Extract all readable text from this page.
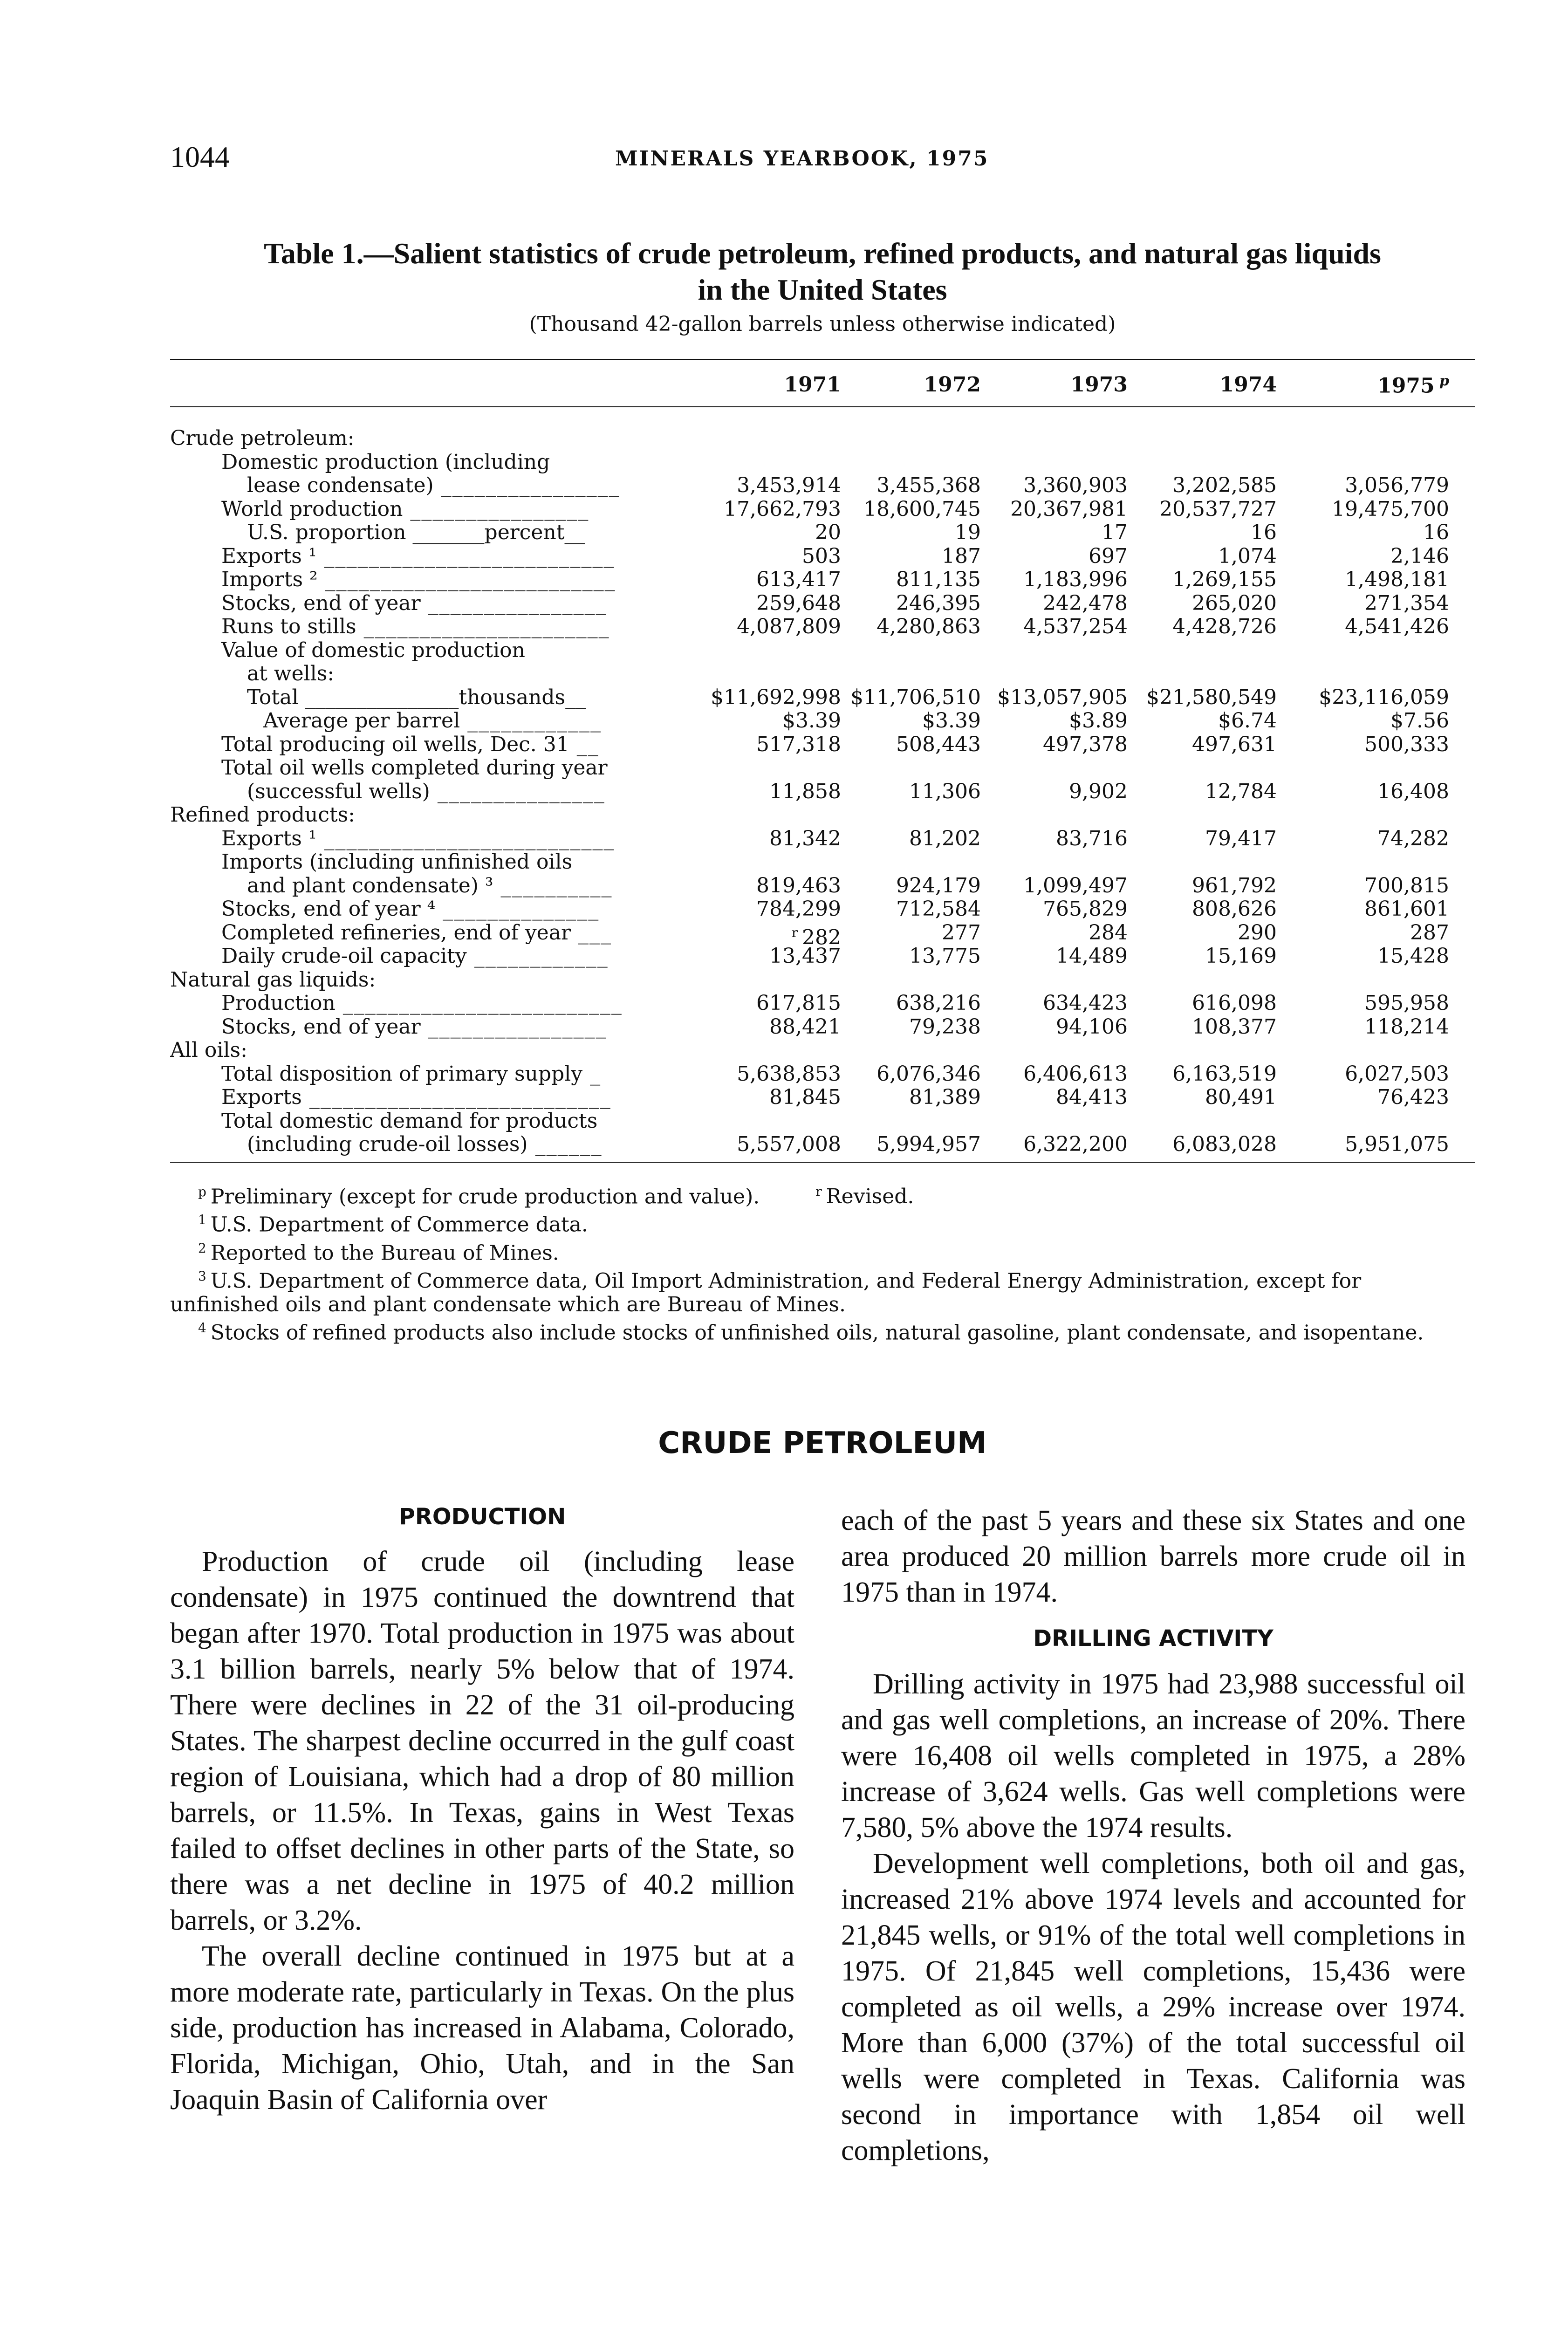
1044	MINERALS YEARBOOK, 1975
Table 1.—Salient statistics of crude petroleum, refined products, and natural gas liquids
in the United States
(Thousand 42-gallon barrels unless otherwise indicated)
1971	1972	1973	1974	1975 $^p$
Crude petroleum:
Domestic production (including
lease condensate) ________________	3,453,914	3,455,368	3,360,903	3,202,585	3,056,779
World production ________________	17,662,793	18,600,745	20,367,981	20,537,727	19,475,700
U.S. proportion _______percent__	20	19	17	16	16
Exports ¹ __________________________	503	187	697	1,074	2,146
Imports ² __________________________	613,417	811,135	1,183,996	1,269,155	1,498,181
Stocks, end of year ________________	259,648	246,395	242,478	265,020	271,354
Runs to stills ______________________	4,087,809	4,280,863	4,537,254	4,428,726	4,541,426
Value of domestic production
at wells:
Total _______________thousands__	$11,692,998 $11,706,510 $13,057,905 $21,580,549	$23,116,059
Average per barrel ____________	$3.39	$3.39	$3.89	$6.74	$7.56
Total producing oil wells, Dec. 31 __	517,318	508,443	497,378	497,631	500,333
Total oil wells completed during year
(successful wells) _______________	11,858	11,306	9,902	12,784	16,408
Refined products:
Exports ¹ __________________________	81,342	81,202	83,716	79,417	74,282
Imports (including unfinished oils
and plant condensate) ³ __________	819,463	924,179	1,099,497	961,792	700,815
Stocks, end of year ⁴ ______________	784,299	712,584	765,829	808,626	861,601
Completed refineries, end of year ___	$^r$ 282	277	284	290	287
Daily crude-oil capacity ____________	13,437	13,775	14,489	15,169	15,428
Natural gas liquids:
Production _________________________	617,815	638,216	634,423	616,098	595,958
Stocks, end of year ________________	88,421	79,238	94,106	108,377	118,214
All oils:
Total disposition of primary supply _	5,638,853	6,076,346	6,406,613	6,163,519	6,027,503
Exports ___________________________	81,845	81,389	84,413	80,491	76,423
Total domestic demand for products
(including crude-oil losses) ______	5,557,008	5,994,957	6,322,200	6,083,028	5,951,075
$^p$ Preliminary (except for crude production and value).	$^r$ Revised.
$^1$ U.S. Department of Commerce data.
$^2$ Reported to the Bureau of Mines.
$^3$ U.S. Department of Commerce data, Oil Import Administration, and Federal Energy Administration, except for unfinished oils and plant condensate which are Bureau of Mines.
$^4$ Stocks of refined products also include stocks of unfinished oils, natural gasoline, plant condensate, and isopentane.
CRUDE PETROLEUM
PRODUCTION

Production of crude oil (including lease condensate) in 1975 continued the downtrend that began after 1970. Total production in 1975 was about 3.1 billion barrels, nearly 5% below that of 1974. There were declines in 22 of the 31 oil-producing States. The sharpest decline occurred in the gulf coast region of Louisiana, which had a drop of 80 million barrels, or 11.5%. In Texas, gains in West Texas failed to offset declines in other parts of the State, so there was a net decline in 1975 of 40.2 million barrels, or 3.2%.

The overall decline continued in 1975 but at a more moderate rate, particularly in Texas. On the plus side, production has increased in Alabama, Colorado, Florida, Michigan, Ohio, Utah, and in the San Joaquin Basin of California over

each of the past 5 years and these six States and one area produced 20 million barrels more crude oil in 1975 than in 1974.

DRILLING ACTIVITY

Drilling activity in 1975 had 23,988 successful oil and gas well completions, an increase of 20%. There were 16,408 oil wells completed in 1975, a 28% increase of 3,624 wells. Gas well completions were 7,580, 5% above the 1974 results.

Development well completions, both oil and gas, increased 21% above 1974 levels and accounted for 21,845 wells, or 91% of the total well completions in 1975. Of 21,845 well completions, 15,436 were completed as oil wells, a 29% increase over 1974. More than 6,000 (37%) of the total successful oil wells were completed in Texas. California was second in importance with 1,854 oil well completions,
